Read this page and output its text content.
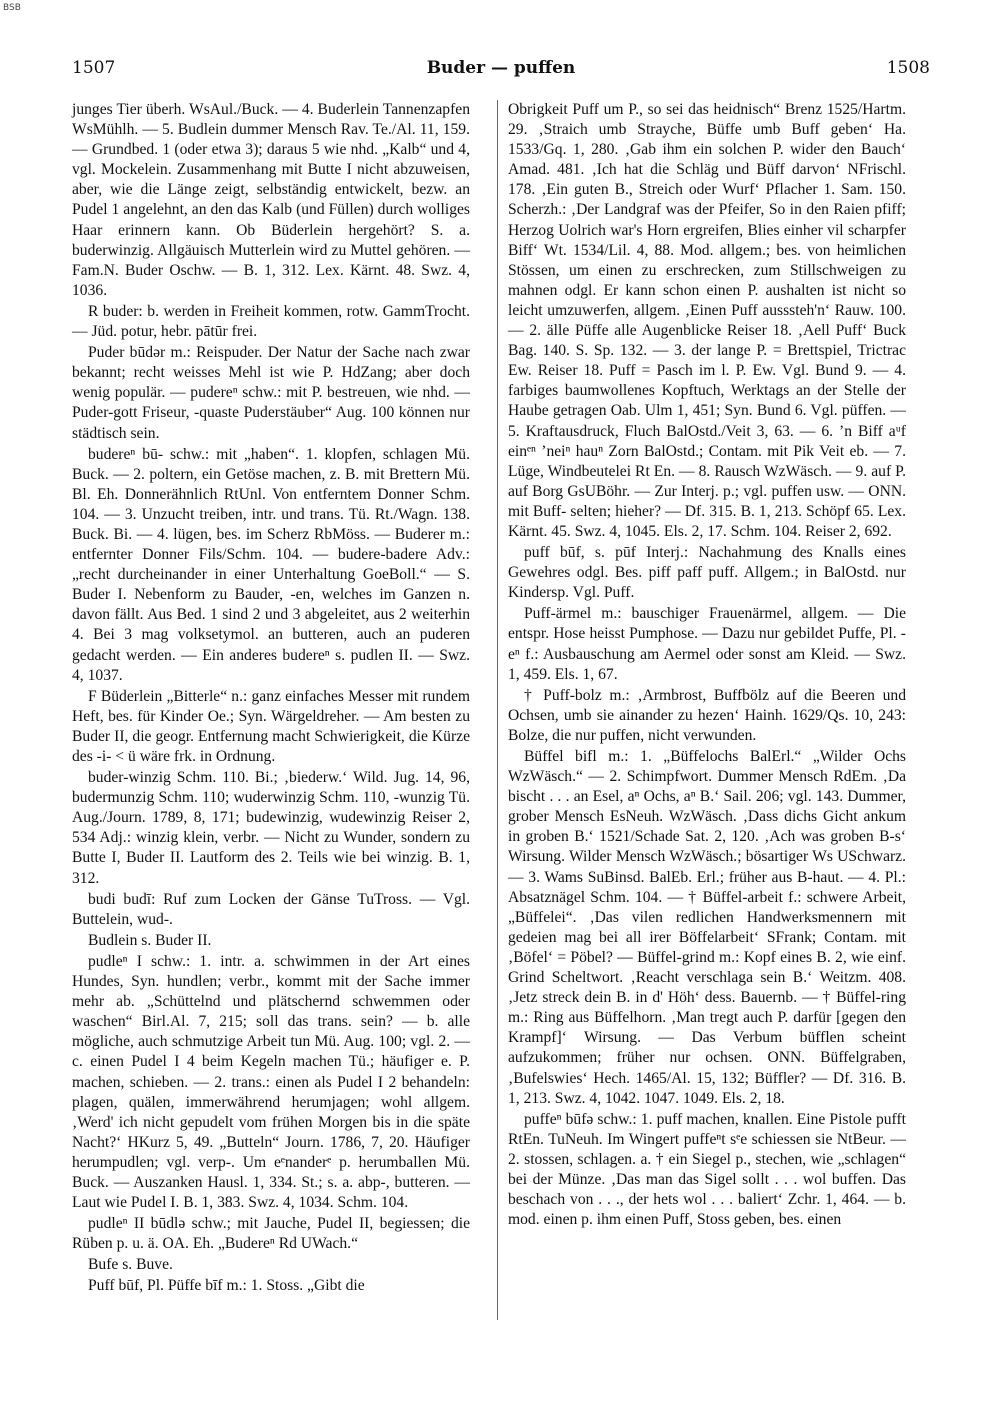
BSB
1507	Buder — puffen	1508

junges Tier überh. WsAul./Buck. — 4. Buderlein Tannenzapfen WsMühlh. — 5. Budlein dummer Mensch Rav. Te./Al. 11, 159. — Grundbed. 1 (oder etwa 3); daraus 5 wie nhd. „Kalb“ und 4, vgl. Mockelein. Zusammenhang mit Butte I nicht abzuweisen, aber, wie die Länge zeigt, selbständig entwickelt, bezw. an Pudel 1 angelehnt, an den das Kalb (und Füllen) durch wolliges Haar erinnern kann. Ob Büderlein hergehört? S. a. buderwinzig. Allgäuisch Mutterlein wird zu Muttel gehören. — Fam.N. Buder Oschw. — B. 1, 312. Lex. Kärnt. 48. Swz. 4, 1036.

R buder: b. werden in Freiheit kommen, rotw. GammTrocht. — Jüd. potur, hebr. pātūr frei.

Puder būdər m.: Reispuder. Der Natur der Sache nach zwar bekannt; recht weisses Mehl ist wie P. HdZang; aber doch wenig populär. — pudereⁿ schw.: mit P. bestreuen, wie nhd. — Puder-gott Friseur, -quaste Puderstäuber“ Aug. 100 können nur städtisch sein.

budereⁿ bū- schw.: mit „haben“. 1. klopfen, schlagen Mü. Buck. — 2. poltern, ein Getöse machen, z. B. mit Brettern Mü. Bl. Eh. Donnerähnlich RtUnl. Von entferntem Donner Schm. 104. — 3. Unzucht treiben, intr. und trans. Tü. Rt./Wagn. 138. Buck. Bi. — 4. lügen, bes. im Scherz RbMöss. — Buderer m.: entfernter Donner Fils/Schm. 104. — budere-badere Adv.: „recht durcheinander in einer Unterhaltung GoeBoll.“ — S. Buder I. Nebenform zu Bauder, -en, welches im Ganzen n. davon fällt. Aus Bed. 1 sind 2 und 3 abgeleitet, aus 2 weiterhin 4. Bei 3 mag volksetymol. an butteren, auch an puderen gedacht werden. — Ein anderes budereⁿ s. pudlen II. — Swz. 4, 1037.

F Büderlein „Bitterle“ n.: ganz einfaches Messer mit rundem Heft, bes. für Kinder Oe.; Syn. Wärgeldreher. — Am besten zu Buder II, die geogr. Entfernung macht Schwierigkeit, die Kürze des -i- < ü wäre frk. in Ordnung.

buder-winzig Schm. 110. Bi.; ‚biederw.‘ Wild. Jug. 14, 96, budermunzig Schm. 110; wuderwinzig Schm. 110, -wunzig Tü. Aug./Journ. 1789, 8, 171; budewinzig, wudewinzig Reiser 2, 534 Adj.: winzig klein, verbr. — Nicht zu Wunder, sondern zu Butte I, Buder II. Lautform des 2. Teils wie bei winzig. B. 1, 312.

budi budī: Ruf zum Locken der Gänse TuTross. — Vgl. Buttelein, wud-.

Budlein s. Buder II.

pudleⁿ I schw.: 1. intr. a. schwimmen in der Art eines Hundes, Syn. hundlen; verbr., kommt mit der Sache immer mehr ab. „Schüttelnd und plätschernd schwemmen oder waschen“ Birl.Al. 7, 215; soll das trans. sein? — b. alle mögliche, auch schmutzige Arbeit tun Mü. Aug. 100; vgl. 2. — c. einen Pudel I 4 beim Kegeln machen Tü.; häufiger e. P. machen, schieben. — 2. trans.: einen als Pudel I 2 behandeln: plagen, quälen, immerwährend herumjagen; wohl allgem. ‚Werd' ich nicht gepudelt vom frühen Morgen bis in die späte Nacht?‘ HKurz 5, 49. „Butteln“ Journ. 1786, 7, 20. Häufiger herumpudlen; vgl. verp-. Um eᵉnanderᵉ p. herumballen Mü. Buck. — Auszanken Hausl. 1, 334. St.; s. a. abp-, butteren. — Laut wie Pudel I. B. 1, 383. Swz. 4, 1034. Schm. 104.

pudleⁿ II būdlə schw.; mit Jauche, Pudel II, begiessen; die Rüben p. u. ä. OA. Eh. „Budereⁿ Rd UWach.“

Bufe s. Buve.

Puff būf, Pl. Püffe bīf m.: 1. Stoss. „Gibt die

Obrigkeit Puff um P., so sei das heidnisch“ Brenz 1525/Hartm. 29. ‚Straich umb Strayche, Büffe umb Buff geben‘ Ha. 1533/Gq. 1, 280. ‚Gab ihm ein solchen P. wider den Bauch‘ Amad. 481. ‚Ich hat die Schläg und Büff darvon‘ NFrischl. 178. ‚Ein guten B., Streich oder Wurf‘ Pflacher 1. Sam. 150. Scherzh.: ‚Der Landgraf was der Pfeifer, So in den Raien pfiff; Herzog Uolrich war's Horn ergreifen, Blies einher vil scharpfer Biff‘ Wt. 1534/Lil. 4, 88. Mod. allgem.; bes. von heimlichen Stössen, um einen zu erschrecken, zum Stillschweigen zu mahnen odgl. Er kann schon einen P. aushalten ist nicht so leicht umzuwerfen, allgem. ‚Einen Puff ausssteh'n‘ Rauw. 100. — 2. älle Püffe alle Augenblicke Reiser 18. ‚Aell Puff‘ Buck Bag. 140. S. Sp. 132. — 3. der lange P. = Brettspiel, Trictrac Ew. Reiser 18. Puff = Pasch im l. P. Ew. Vgl. Bund 9. — 4. farbiges baumwollenes Kopftuch, Werktags an der Stelle der Haube getragen Oab. Ulm 1, 451; Syn. Bund 6. Vgl. püffen. — 5. Kraftausdruck, Fluch BalOstd./Veit 3, 63. — 6. ’n Biff aᵘf einᵉⁿ ’neiⁿ hauⁿ Zorn BalOstd.; Contam. mit Pik Veit eb. — 7. Lüge, Windbeutelei Rt En. — 8. Rausch WzWäsch. — 9. auf P. auf Borg GsUBöhr. — Zur Interj. p.; vgl. puffen usw. — ONN. mit Buff- selten; hieher? — Df. 315. B. 1, 213. Schöpf 65. Lex. Kärnt. 45. Swz. 4, 1045. Els. 2, 17. Schm. 104. Reiser 2, 692.

puff būf, s. pūf Interj.: Nachahmung des Knalls eines Gewehres odgl. Bes. piff paff puff. Allgem.; in BalOstd. nur Kindersp. Vgl. Puff.

Puff-ärmel m.: bauschiger Frauenärmel, allgem. — Die entspr. Hose heisst Pumphose. — Dazu nur gebildet Puffe, Pl. -eⁿ f.: Ausbauschung am Aermel oder sonst am Kleid. — Swz. 1, 459. Els. 1, 67.

† Puff-bolz m.: ‚Armbrost, Buffbölz auf die Beeren und Ochsen, umb sie ainander zu hezen‘ Hainh. 1629/Qs. 10, 243: Bolze, die nur puffen, nicht verwunden.

Büffel bifl m.: 1. „Büffelochs BalErl.“ „Wilder Ochs WzWäsch.“ — 2. Schimpfwort. Dummer Mensch RdEm. ‚Da bischt . . . an Esel, aⁿ Ochs, aⁿ B.‘ Sail. 206; vgl. 143. Dummer, grober Mensch EsNeuh. WzWäsch. ‚Dass dichs Gicht ankum in groben B.‘ 1521/Schade Sat. 2, 120. ‚Ach was groben B-s‘ Wirsung. Wilder Mensch WzWäsch.; bösartiger Ws USchwarz. — 3. Wams SuBinsd. BalEb. Erl.; früher aus B-haut. — 4. Pl.: Absatznägel Schm. 104. — † Büffel-arbeit f.: schwere Arbeit, „Büffelei“. ‚Das vilen redlichen Handwerksmennern mit gedeien mag bei all irer Böffelarbeit‘ SFrank; Contam. mit ‚Böfel‘ = Pöbel? — Büffel-grind m.: Kopf eines B. 2, wie einf. Grind Scheltwort. ‚Reacht verschlaga sein B.‘ Weitzm. 408. ‚Jetz streck dein B. in d' Höh‘ dess. Bauernb. — † Büffel-ring m.: Ring aus Büffelhorn. ‚Man tregt auch P. darfür [gegen den Krampf]‘ Wirsung. — Das Verbum büfflen scheint aufzukommen; früher nur ochsen. ONN. Büffelgraben, ‚Bufelswies‘ Hech. 1465/Al. 15, 132; Büffler? — Df. 316. B. 1, 213. Swz. 4, 1042. 1047. 1049. Els. 2, 18.

puffeⁿ būfə schw.: 1. puff machen, knallen. Eine Pistole pufft RtEn. TuNeuh. Im Wingert puffeⁿt sᵉe schiessen sie NtBeur. — 2. stossen, schlagen. a. † ein Siegel p., stechen, wie „schlagen“ bei der Münze. ‚Das man das Sigel sollt . . . wol buffen. Das beschach von . . ., der hets wol . . . baliert‘ Zchr. 1, 464. — b. mod. einen p. ihm einen Puff, Stoss geben, bes. einen
